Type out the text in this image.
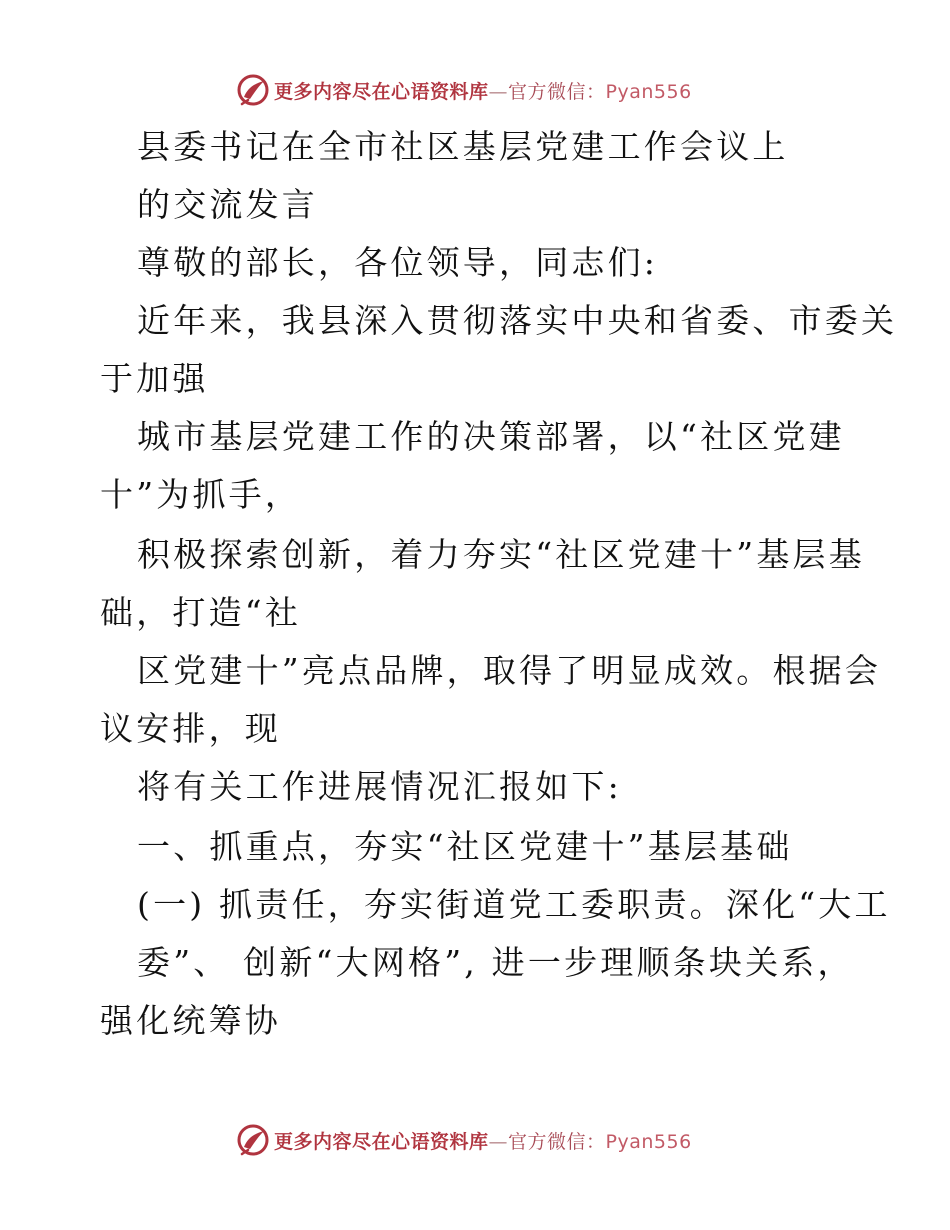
更多内容尽在心语资料库—官方微信：Pyan556
县委书记在全市社区基层党建工作会议上
的交流发言
尊敬的部长，各位领导，同志们:
近年来，我县深入贯彻落实中央和省委、市委关
于加强
城市基层党建工作的决策部署，以“社区党建
十”为抓手，
积极探索创新，着力夯实“社区党建十”基层基
础，打造“社
区党建十”亮点品牌，取得了明显成效。根据会
议安排，现
将有关工作进展情况汇报如下:
一、抓重点，夯实“社区党建十”基层基础
(一) 抓责任，夯实街道党工委职责。深化“大工
委”、 创新“大网格”, 进一步理顺条块关系，
强化统筹协
更多内容尽在心语资料库—官方微信：Pyan556
